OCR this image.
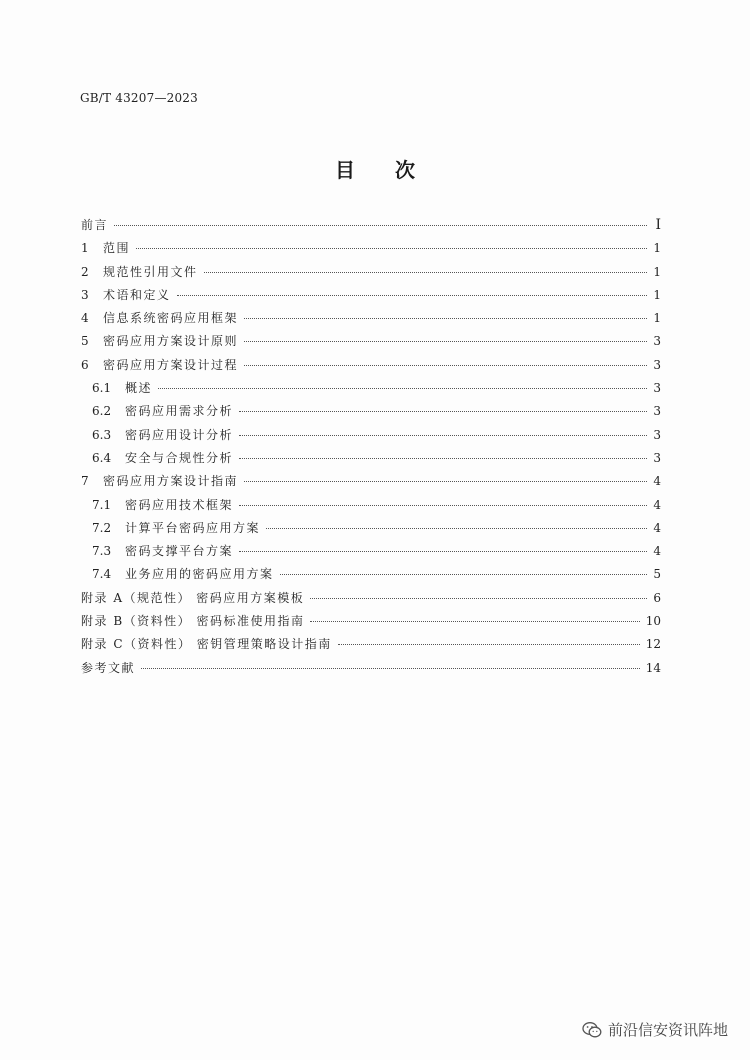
GB/T 43207—2023
目次
前言	I
1	范围	1
2	规范性引用文件	1
3	术语和定义	1
4	信息系统密码应用框架	1
5	密码应用方案设计原则	3
6	密码应用方案设计过程	3
6.1	概述	3
6.2	密码应用需求分析	3
6.3	密码应用设计分析	3
6.4	安全与合规性分析	3
7	密码应用方案设计指南	4
7.1	密码应用技术框架	4
7.2	计算平台密码应用方案	4
7.3	密码支撑平台方案	4
7.4	业务应用的密码应用方案	5
附录 A（规范性） 密码应用方案模板	6
附录 B（资料性） 密码标准使用指南	10
附录 C（资料性） 密钥管理策略设计指南	12
参考文献	14
前沿信安资讯阵地
